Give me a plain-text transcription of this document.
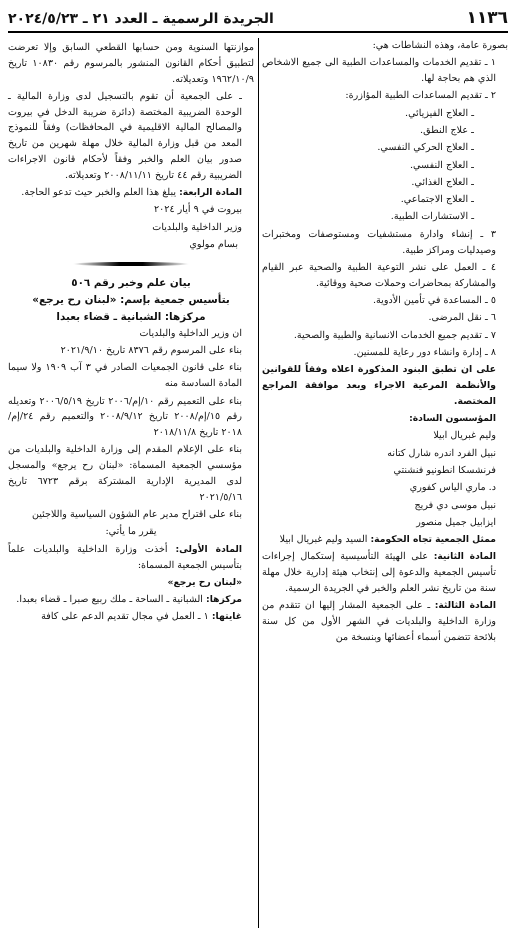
١١٣٦
الجريدة الرسمية ـ العدد ٢١ ـ ٢٠٢٤/٥/٢٣

بصورة عامة، وهذه النشاطات هي:

١ ـ تقديم الخدمات والمساعدات الطبية الى جميع الاشخاص الذي هم بحاجة لها.

٢ ـ تقديم المساعدات الطبية المؤازرة:

ـ العلاج الفيزيائي.

ـ علاج النطق.

ـ العلاج الحركي النفسي.

ـ العلاج النفسي.

ـ العلاج الغذائي.

ـ العلاج الاجتماعي.

ـ الاستشارات الطبية.

٣ ـ إنشاء وادارة مستشفيات ومستوصفات ومختبرات وصيدليات ومراكز طبية.

٤ ـ العمل على نشر التوعية الطبية والصحية عبر القيام والمشاركة بمحاضرات وحملات صحية ووقائية.

٥ ـ المساعدة في تأمين الأدوية.

٦ ـ نقل المرضى.

٧ ـ تقديم جميع الخدمات الانسانية والطبية والصحية.

٨ ـ إدارة وانشاء دور رعاية للمسنين.

على ان تطبق البنود المذكورة اعلاه وفقاً للقوانين والأنظمة المرعية الاجراء وبعد موافقة المراجع المختصة.

المؤسسون السادة:

وليم غبريال ابيلا

نبيل الفرد اندره شارل كتانه

فرنشسكا انطونيو فنشنتي

د. ماري الياس كفوري

نبيل موسى دي فريج

ايزابيل جميل منصور

ممثل الجمعية تجاه الحكومة: السيد وليم غبريال ابيلا

المادة الثانية: على الهيئة التأسيسية إستكمال إجراءات تأسيس الجمعية والدعوة إلى إنتخاب هيئة إدارية خلال مهلة سنة من تاريخ نشر العلم والخبر في الجريدة الرسمية.

المادة الثالثة: ـ على الجمعية المشار إليها ان تتقدم من وزارة الداخلية والبلديات في الشهر الأول من كل سنة بلائحة تتضمن أسماء أعضائها وبنسخة من

موازنتها السنوية ومن حسابها القطعي السابق وإلا تعرضت لتطبيق أحكام القانون المنشور بالمرسوم رقم ١٠٨٣٠ تاريخ ١٩٦٢/١٠/٩ وتعديلاته.

ـ على الجمعية أن تقوم بالتسجيل لدى وزارة المالية ـ الوحدة الضريبية المختصة (دائرة ضريبة الدخل في بيروت والمصالح المالية الاقليمية في المحافظات) وفقاً للنموذج المعد من قبل وزارة المالية خلال مهلة شهرين من تاريخ صدور بيان العلم والخبر وفقاً لأحكام قانون الاجراءات الضريبية رقم ٤٤ تاريخ ٢٠٠٨/١١/١١ وتعديلاته.

المادة الرابعة: يبلغ هذا العلم والخبر حيث تدعو الحاجة.

بيروت في ٩ أيار ٢٠٢٤

وزير الداخلية والبلديات

بسام مولوي

بيان علم وخبر رقم ٥٠٦

بتأسيس جمعية بإسم: «لبنان رح يرجع»

مركزها: الشبانية ـ قضاء بعبدا

ان وزير الداخلية والبلديات

بناء على المرسوم رقم ٨٣٧٦ تاريخ ٢٠٢١/٩/١٠

بناء على قانون الجمعيات الصادر في ٣ آب ١٩٠٩ ولا سيما المادة السادسة منه

بناء على التعميم رقم ١٠/إم/٢٠٠٦ تاريخ ٢٠٠٦/٥/١٩ وتعديله رقم ١٥/إم/٢٠٠٨ تاريخ ٢٠٠٨/٩/١٢ والتعميم رقم ٢٤/إم/٢٠١٨ تاريخ ٢٠١٨/١١/٨

بناء على الإعلام المقدم إلى وزارة الداخلية والبلديات من مؤسسي الجمعية المسماة: «لبنان رح يرجع» والمسجل لدى المديرية الإدارية المشتركة برقم ٦٧٢٣ تاريخ ٢٠٢١/٥/١٦

بناء على اقتراح مدير عام الشؤون السياسية واللاجئين

يقرر ما يأتي:

المادة الأولى: أخذت وزارة الداخلية والبلديات علماً بتأسيس الجمعية المسماة:

«لبنان رح يرجع»

مركزها: الشبانية ـ الساحة ـ ملك ربيع صبرا ـ قضاء بعبدا.

غايتها: ١ ـ العمل في مجال تقديم الدعم على كافة
